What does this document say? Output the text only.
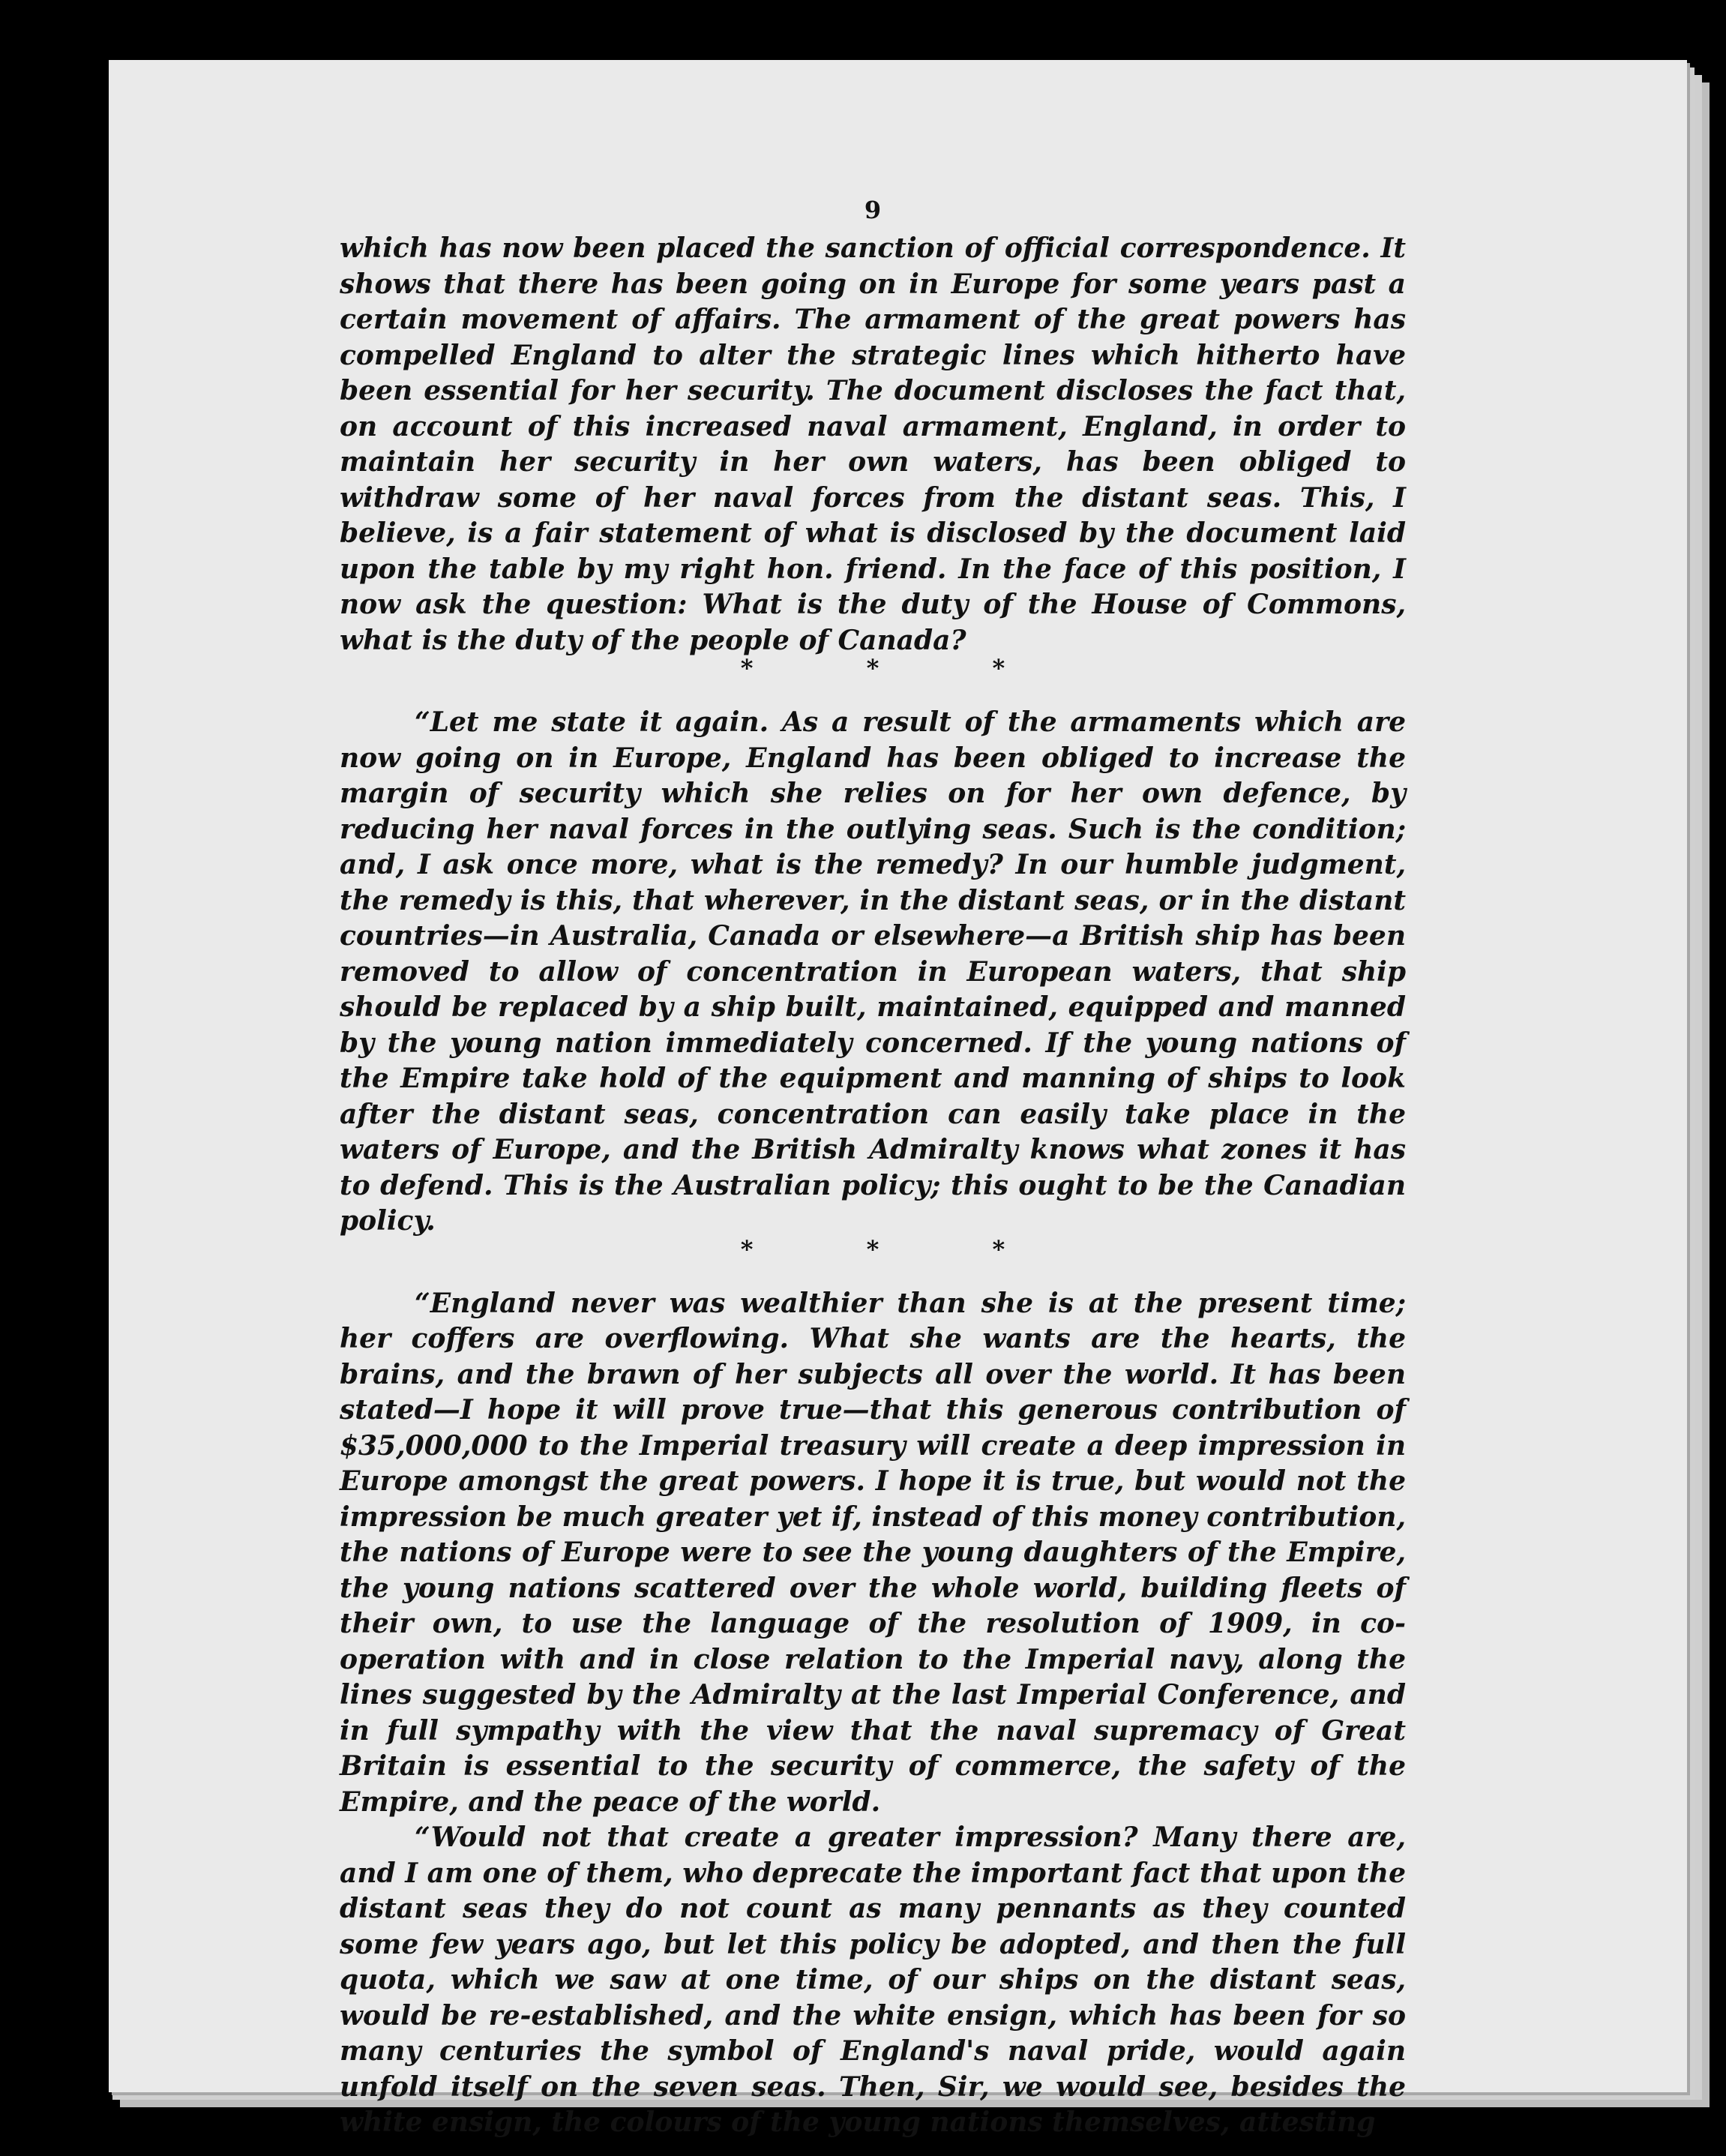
9

which has now been placed the sanction of official correspondence. It shows that there has been going on in Europe for some years past a certain movement of affairs. The armament of the great powers has compelled England to alter the strategic lines which hitherto have been essential for her security. The document discloses the fact that, on account of this increased naval armament, England, in order to maintain her security in her own waters, has been obliged to withdraw some of her naval forces from the distant seas. This, I believe, is a fair statement of what is disclosed by the document laid upon the table by my right hon. friend. In the face of this position, I now ask the question: What is the duty of the House of Commons, what is the duty of the people of Canada?

* * *

“Let me state it again. As a result of the armaments which are now going on in Europe, England has been obliged to increase the margin of security which she relies on for her own defence, by reducing her naval forces in the outlying seas. Such is the condition; and, I ask once more, what is the remedy? In our humble judgment, the remedy is this, that wherever, in the distant seas, or in the distant countries—in Australia, Canada or elsewhere—a British ship has been removed to allow of concentration in European waters, that ship should be replaced by a ship built, maintained, equipped and manned by the young nation immediately concerned. If the young nations of the Empire take hold of the equipment and manning of ships to look after the distant seas, concentration can easily take place in the waters of Europe, and the British Admiralty knows what zones it has to defend. This is the Australian policy; this ought to be the Canadian policy.

* * *

“England never was wealthier than she is at the present time; her coffers are overflowing. What she wants are the hearts, the brains, and the brawn of her subjects all over the world. It has been stated—I hope it will prove true—that this generous contribution of $35,000,000 to the Imperial treasury will create a deep impression in Europe amongst the great powers. I hope it is true, but would not the impression be much greater yet if, instead of this money contribution, the nations of Europe were to see the young daughters of the Empire, the young nations scattered over the whole world, building fleets of their own, to use the language of the resolution of 1909, in co-operation with and in close relation to the Imperial navy, along the lines suggested by the Admiralty at the last Imperial Conference, and in full sympathy with the view that the naval supremacy of Great Britain is essential to the security of commerce, the safety of the Empire, and the peace of the world.

“Would not that create a greater impression? Many there are, and I am one of them, who deprecate the important fact that upon the distant seas they do not count as many pennants as they counted some few years ago, but let this policy be adopted, and then the full quota, which we saw at one time, of our ships on the distant seas, would be re-established, and the white ensign, which has been for so many centuries the symbol of England's naval pride, would again unfold itself on the seven seas. Then, Sir, we would see, besides the white ensign, the colours of the young nations themselves, attesting
